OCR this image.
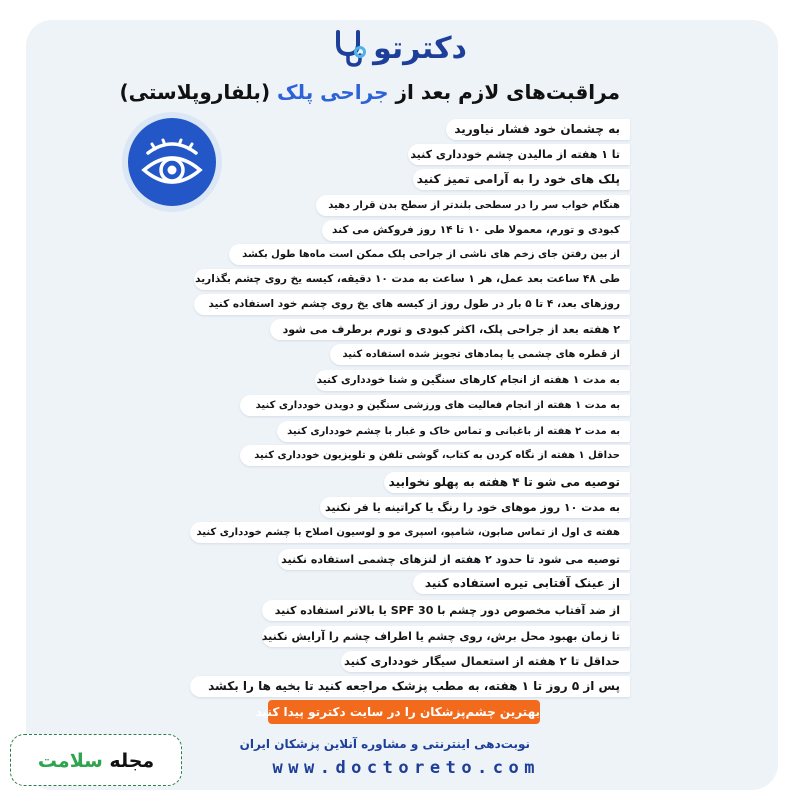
دکترتو
مراقبت‌های لازم بعد از جراحی پلک (بلفاروپلاستی)
به چشمان خود فشار نیاورید
تا ۱ هفته از مالیدن چشم خودداری کنید
پلک های خود را به آرامی تمیز کنید
هنگام خواب سر را در سطحی بلندتر از سطح بدن قرار دهید
کبودی و تورم، معمولا طی ۱۰ تا ۱۴ روز فروکش می کند
از بین رفتن جای زخم های ناشی از جراحی پلک ممکن است ماه‌ها طول بکشد
طی ۴۸ ساعت بعد عمل، هر ۱ ساعت به مدت ۱۰ دقیقه، کیسه یخ روی چشم بگذارید
روزهای بعد، ۴ تا ۵ بار در طول روز از کیسه های یخ روی چشم خود استفاده کنید
۲ هفته بعد از جراحی پلک، اکثر کبودی و تورم برطرف می شود
از قطره های چشمی یا پمادهای تجویز شده استفاده کنید
به مدت ۱ هفته از انجام کارهای سنگین و شنا خودداری کنید
به مدت ۱ هفته از انجام فعالیت های ورزشی سنگین و دویدن خودداری کنید
به مدت ۲ هفته از باغبانی و تماس خاک و غبار با چشم خودداری کنید
حداقل ۱ هفته از نگاه کردن به کتاب، گوشی تلفن و تلویزیون خودداری کنید
توصیه می شو تا ۴ هفته به پهلو نخوابید
به مدت ۱۰ روز موهای خود را رنگ یا کراتینه یا فر نکنید
هفته ی اول از تماس صابون، شامپو، اسپری مو و لوسیون اصلاح با چشم خودداری کنید
توصیه می شود تا حدود ۲ هفته از لنزهای چشمی استفاده نکنید
از عینک آفتابی تیره استفاده کنید
از ضد آفتاب مخصوص دور چشم با SPF 30 یا بالاتر استفاده کنید
تا زمان بهبود محل برش، روی چشم یا اطراف چشم را آرایش نکنید
حداقل تا ۲ هفته از استعمال سیگار خودداری کنید
پس از ۵ روز تا ۱ هفته، به مطب پزشک مراجعه کنید تا بخیه ها را بکشد
بهترین چشم‌پزشکان را در سایت دکترتو پیدا کنید
نوبت‌دهی اینترنتی و مشاوره آنلاین پزشکان ایران
www.doctoreto.com
مجله سلامت
